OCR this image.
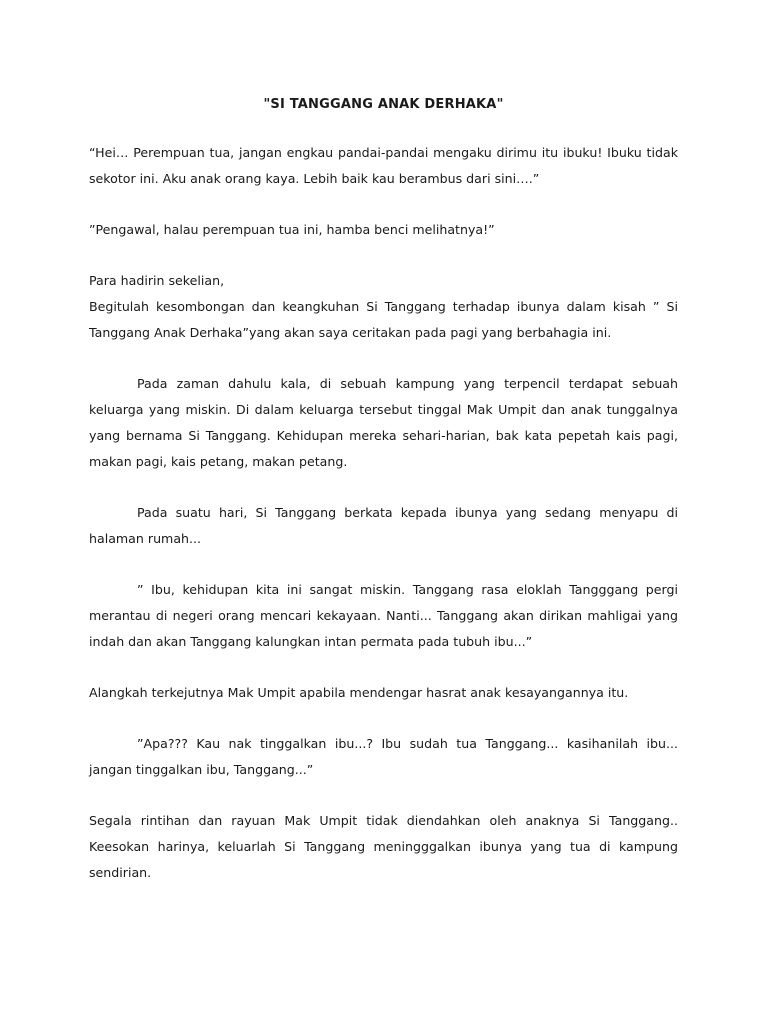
"SI TANGGANG ANAK DERHAKA"

“Hei… Perempuan tua, jangan engkau pandai-pandai mengaku dirimu itu ibuku! Ibuku tidak sekotor ini. Aku anak orang kaya. Lebih baik kau berambus dari sini….”

”Pengawal, halau perempuan tua ini, hamba benci melihatnya!”

Para hadirin sekelian,

Begitulah kesombongan dan keangkuhan Si Tanggang terhadap ibunya dalam kisah ” Si Tanggang Anak Derhaka”yang akan saya ceritakan pada pagi yang berbahagia ini.

Pada zaman dahulu kala, di sebuah kampung yang terpencil terdapat sebuah keluarga yang miskin. Di dalam keluarga tersebut tinggal Mak Umpit dan anak tunggalnya yang bernama Si Tanggang. Kehidupan mereka sehari-harian, bak kata pepetah kais pagi, makan pagi, kais petang, makan petang.

Pada suatu hari, Si Tanggang berkata kepada ibunya yang sedang menyapu di halaman rumah...

” Ibu, kehidupan kita ini sangat miskin. Tanggang rasa eloklah Tangggang pergi merantau di negeri orang mencari kekayaan. Nanti... Tanggang akan dirikan mahligai yang indah dan akan Tanggang kalungkan intan permata pada tubuh ibu...”

Alangkah terkejutnya Mak Umpit apabila mendengar hasrat anak kesayangannya itu.

”Apa??? Kau nak tinggalkan ibu...? Ibu sudah tua Tanggang... kasihanilah ibu... jangan tinggalkan ibu, Tanggang...”

Segala rintihan dan rayuan Mak Umpit tidak diendahkan oleh anaknya Si Tanggang.. Keesokan harinya, keluarlah Si Tanggang meningggalkan ibunya yang tua di kampung sendirian.
